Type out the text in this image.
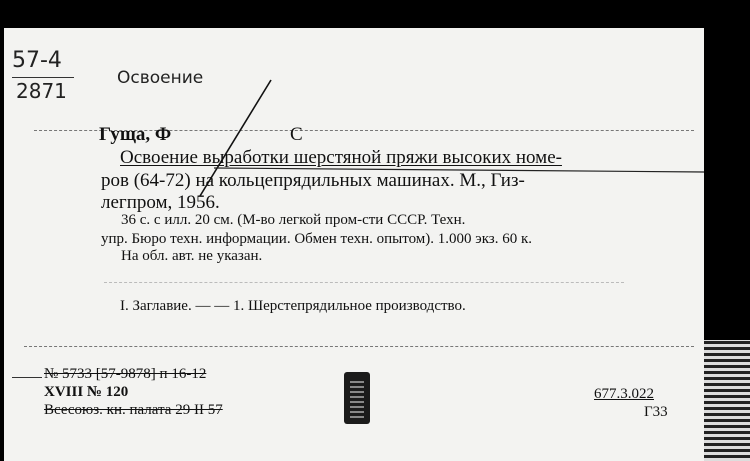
57-4
2871
Освоение
Гуща, Ф	С
Освоение выработки шерстяной пряжи высоких номе-
ров (64-72) на кольцепрядильных машинах. М., Гиз-
легпром, 1956.
36 с. с илл. 20 см. (М-во легкой пром-сти СССР. Техн.
упр. Бюро техн. информации. Обмен техн. опытом). 1.000 экз. 60 к.
На обл. авт. не указан.
I. Заглавие. — — 1. Шерстепрядильное производство.
№ 5733 [57-9878] п 16-12
XVIII № 120
Всесоюз. кн. палата 29 II 57
677.3.022
Г33
